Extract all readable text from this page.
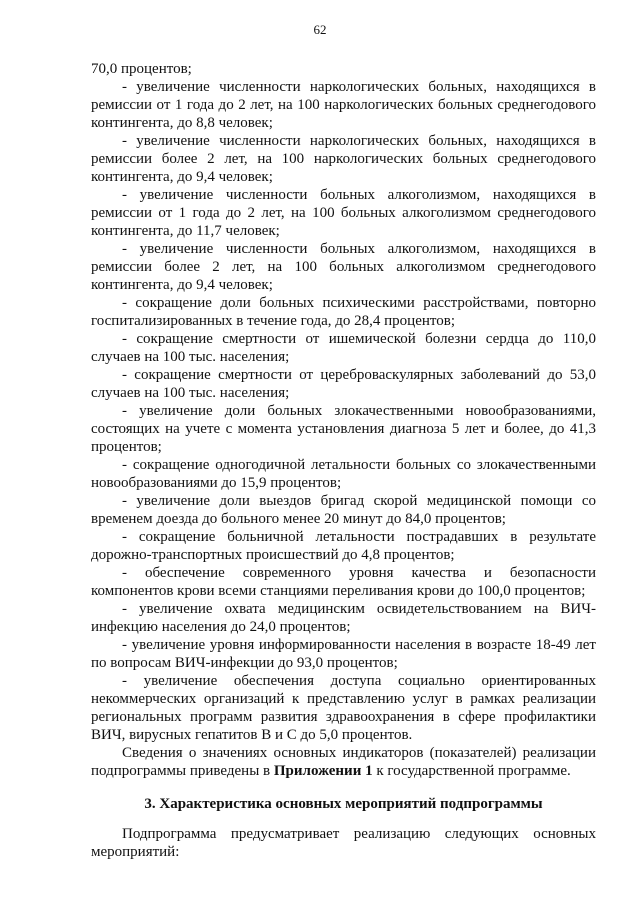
62

70,0 процентов;

- увеличение численности наркологических больных, находящихся в ремиссии от 1 года до 2 лет, на 100 наркологических больных среднегодового контингента, до 8,8 человек;

- увеличение численности наркологических больных, находящихся в ремиссии более 2 лет, на 100 наркологических больных среднегодового контингента, до 9,4 человек;

- увеличение численности больных алкоголизмом, находящихся в ремиссии от 1 года до 2 лет, на 100 больных алкоголизмом среднегодового контингента, до 11,7 человек;

- увеличение численности больных алкоголизмом, находящихся в ремиссии более 2 лет, на 100 больных алкоголизмом среднегодового контингента, до 9,4 человек;

- сокращение доли больных психическими расстройствами, повторно госпитализированных в течение года, до 28,4 процентов;

- сокращение смертности от ишемической болезни сердца до 110,0 случаев на 100 тыс. населения;

- сокращение смертности от цереброваскулярных заболеваний до 53,0 случаев на 100 тыс. населения;

- увеличение доли больных злокачественными новообразованиями, состоящих на учете с момента установления диагноза 5 лет и более, до 41,3 процентов;

- сокращение одногодичной летальности больных со злокачественными новообразованиями до 15,9 процентов;

- увеличение доли выездов бригад скорой медицинской помощи со временем доезда до больного менее 20 минут до 84,0 процентов;

- сокращение больничной летальности пострадавших в результате дорожно-транспортных происшествий до 4,8 процентов;

- обеспечение современного уровня качества и безопасности компонентов крови всеми станциями переливания крови до 100,0 процентов;

- увеличение охвата медицинским освидетельствованием на ВИЧ-инфекцию населения до 24,0 процентов;

- увеличение уровня информированности населения в возрасте 18-49 лет по вопросам ВИЧ-инфекции до 93,0 процентов;

- увеличение обеспечения доступа социально ориентированных некоммерческих организаций к представлению услуг в рамках реализации региональных программ развития здравоохранения в сфере профилактики ВИЧ, вирусных гепатитов В и С до 5,0 процентов.

Сведения о значениях основных индикаторов (показателей) реализации подпрограммы приведены в Приложении 1 к государственной программе.

3. Характеристика основных мероприятий подпрограммы

Подпрограмма предусматривает реализацию следующих основных мероприятий:
